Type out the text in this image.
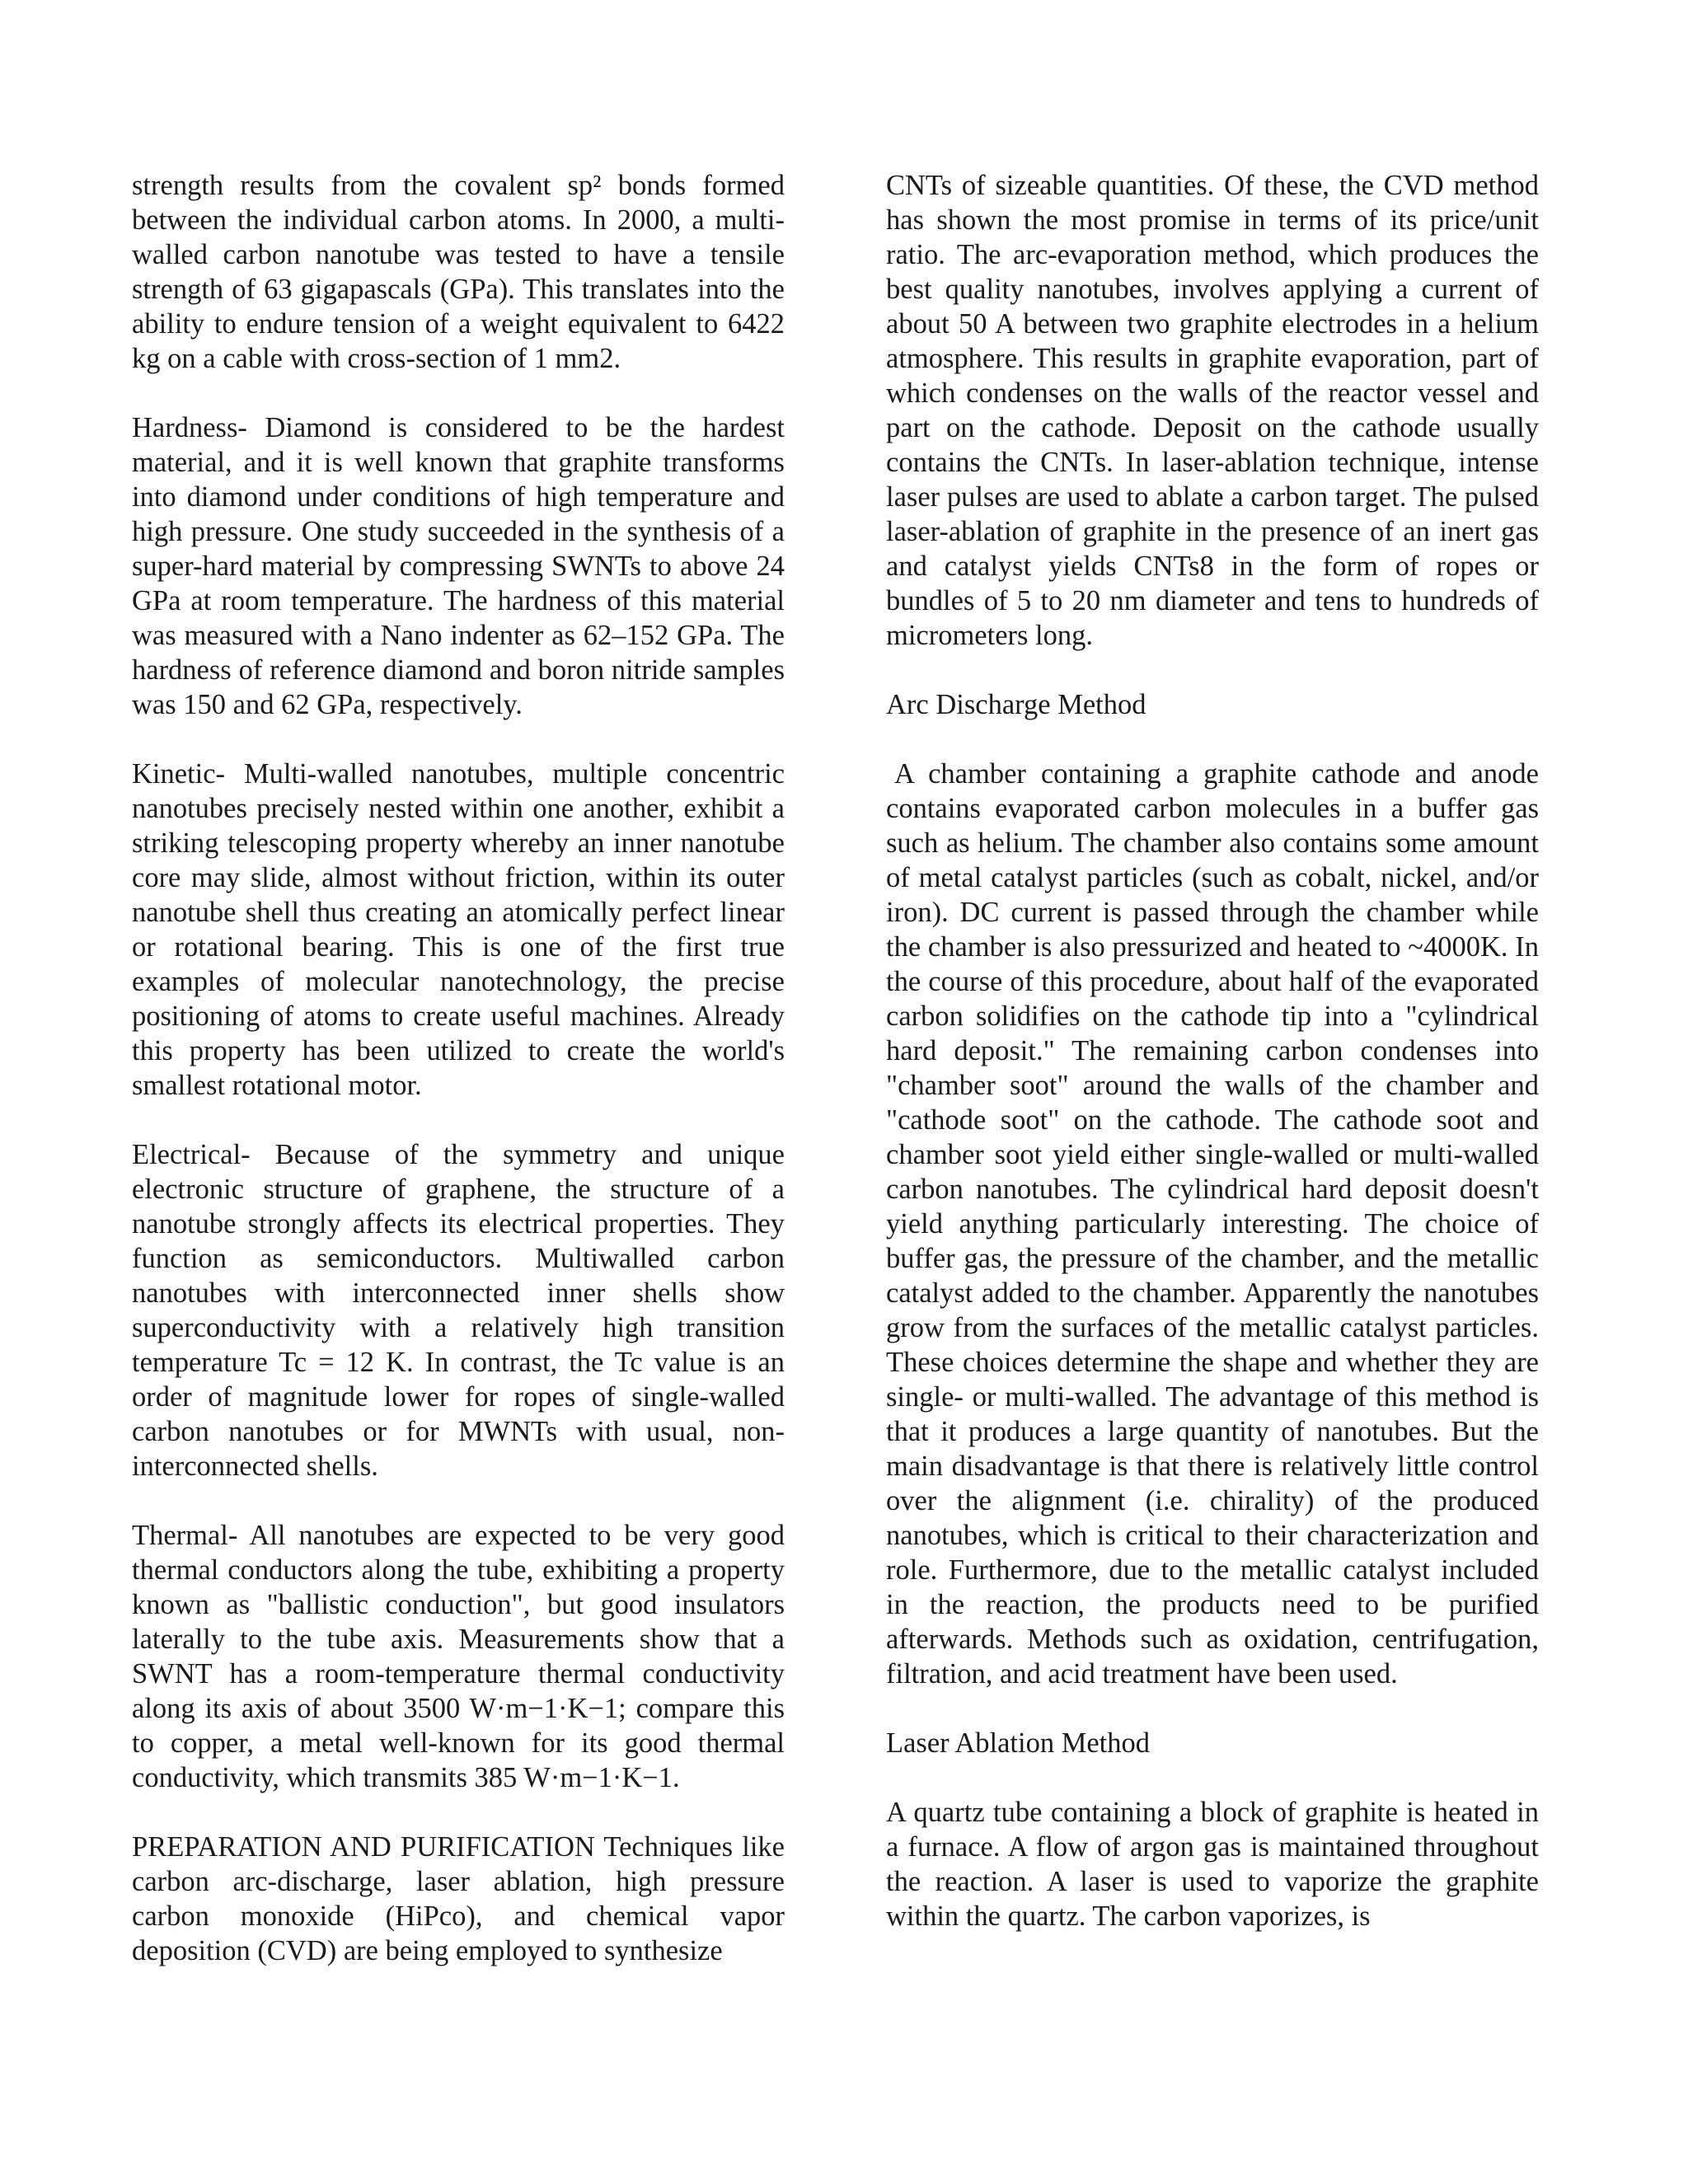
strength results from the covalent sp² bonds formed between the individual carbon atoms. In 2000, a multi-walled carbon nanotube was tested to have a tensile strength of 63 gigapascals (GPa). This translates into the ability to endure tension of a weight equivalent to 6422 kg on a cable with cross-section of 1 mm2.

Hardness- Diamond is considered to be the hardest material, and it is well known that graphite transforms into diamond under conditions of high temperature and high pressure. One study succeeded in the synthesis of a super-hard material by compressing SWNTs to above 24 GPa at room temperature. The hardness of this material was measured with a Nano indenter as 62–152 GPa. The hardness of reference diamond and boron nitride samples was 150 and 62 GPa, respectively.

Kinetic- Multi-walled nanotubes, multiple concentric nanotubes precisely nested within one another, exhibit a striking telescoping property whereby an inner nanotube core may slide, almost without friction, within its outer nanotube shell thus creating an atomically perfect linear or rotational bearing. This is one of the first true examples of molecular nanotechnology, the precise positioning of atoms to create useful machines. Already this property has been utilized to create the world's smallest rotational motor.

Electrical- Because of the symmetry and unique electronic structure of graphene, the structure of a nanotube strongly affects its electrical properties. They function as semiconductors. Multiwalled carbon nanotubes with interconnected inner shells show superconductivity with a relatively high transition temperature Tc = 12 K. In contrast, the Tc value is an order of magnitude lower for ropes of single-walled carbon nanotubes or for MWNTs with usual, non-interconnected shells.

Thermal- All nanotubes are expected to be very good thermal conductors along the tube, exhibiting a property known as "ballistic conduction", but good insulators laterally to the tube axis. Measurements show that a SWNT has a room-temperature thermal conductivity along its axis of about 3500 W·m−1·K−1; compare this to copper, a metal well-known for its good thermal conductivity, which transmits 385 W·m−1·K−1.

PREPARATION AND PURIFICATION Techniques like carbon arc-discharge, laser ablation, high pressure carbon monoxide (HiPco), and chemical vapor deposition (CVD) are being employed to synthesize

CNTs of sizeable quantities. Of these, the CVD method has shown the most promise in terms of its price/unit ratio. The arc-evaporation method, which produces the best quality nanotubes, involves applying a current of about 50 A between two graphite electrodes in a helium atmosphere. This results in graphite evaporation, part of which condenses on the walls of the reactor vessel and part on the cathode. Deposit on the cathode usually contains the CNTs. In laser-ablation technique, intense laser pulses are used to ablate a carbon target. The pulsed laser-ablation of graphite in the presence of an inert gas and catalyst yields CNTs8 in the form of ropes or bundles of 5 to 20 nm diameter and tens to hundreds of micrometers long.

Arc Discharge Method

A chamber containing a graphite cathode and anode contains evaporated carbon molecules in a buffer gas such as helium. The chamber also contains some amount of metal catalyst particles (such as cobalt, nickel, and/or iron). DC current is passed through the chamber while the chamber is also pressurized and heated to ~4000K. In the course of this procedure, about half of the evaporated carbon solidifies on the cathode tip into a "cylindrical hard deposit." The remaining carbon condenses into "chamber soot" around the walls of the chamber and "cathode soot" on the cathode. The cathode soot and chamber soot yield either single-walled or multi-walled carbon nanotubes. The cylindrical hard deposit doesn't yield anything particularly interesting. The choice of buffer gas, the pressure of the chamber, and the metallic catalyst added to the chamber. Apparently the nanotubes grow from the surfaces of the metallic catalyst particles. These choices determine the shape and whether they are single- or multi-walled. The advantage of this method is that it produces a large quantity of nanotubes. But the main disadvantage is that there is relatively little control over the alignment (i.e. chirality) of the produced nanotubes, which is critical to their characterization and role. Furthermore, due to the metallic catalyst included in the reaction, the products need to be purified afterwards. Methods such as oxidation, centrifugation, filtration, and acid treatment have been used.

Laser Ablation Method

A quartz tube containing a block of graphite is heated in a furnace. A flow of argon gas is maintained throughout the reaction. A laser is used to vaporize the graphite within the quartz. The carbon vaporizes, is
